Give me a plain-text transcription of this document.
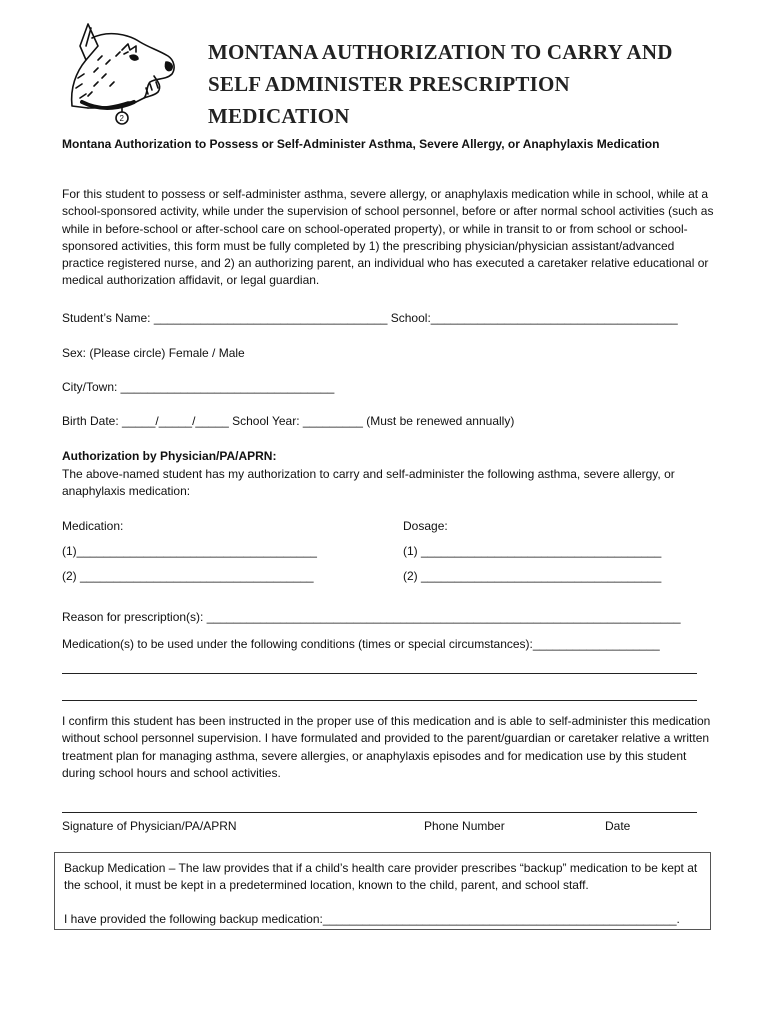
2
MONTANA AUTHORIZATION TO CARRY AND
SELF ADMINISTER PRESCRIPTION MEDICATION
Montana Authorization to Possess or Self-Administer Asthma, Severe Allergy, or Anaphylaxis Medication
For this student to possess or self-administer asthma, severe allergy, or anaphylaxis medication while in school, while at a school-sponsored activity, while under the supervision of school personnel, before or after normal school activities (such as while in before-school or after-school care on school-operated property), or while in transit to or from school or school-sponsored activities, this form must be fully completed by 1) the prescribing physician/physician assistant/advanced practice registered nurse, and 2) an authorizing parent, an individual who has executed a caretaker relative educational or medical authorization affidavit, or legal guardian.
Student’s Name: ___________________________________ School:_____________________________________
Sex: (Please circle) Female / Male
City/Town: ________________________________
Birth Date: _____/_____/_____ School Year: _________ (Must be renewed annually)
Authorization by Physician/PA/APRN:
The above-named student has my authorization to carry and self-administer the following asthma, severe allergy, or anaphylaxis medication:
Medication:	Dosage:
(1)____________________________________	(1) ____________________________________
(2) ___________________________________	(2) ____________________________________
Reason for prescription(s): _______________________________________________________________________
Medication(s) to be used under the following conditions (times or special circumstances):___________________
I confirm this student has been instructed in the proper use of this medication and is able to self-administer this medication without school personnel supervision. I have formulated and provided to the parent/guardian or caretaker relative a written treatment plan for managing asthma, severe allergies, or anaphylaxis episodes and for medication use by this student during school hours and school activities.
Signature of Physician/PA/APRN	Phone Number	Date
Backup Medication – The law provides that if a child’s health care provider prescribes “backup” medication to be kept at the school, it must be kept in a predetermined location, known to the child, parent, and school staff.
I have provided the following backup medication:_____________________________________________________.
